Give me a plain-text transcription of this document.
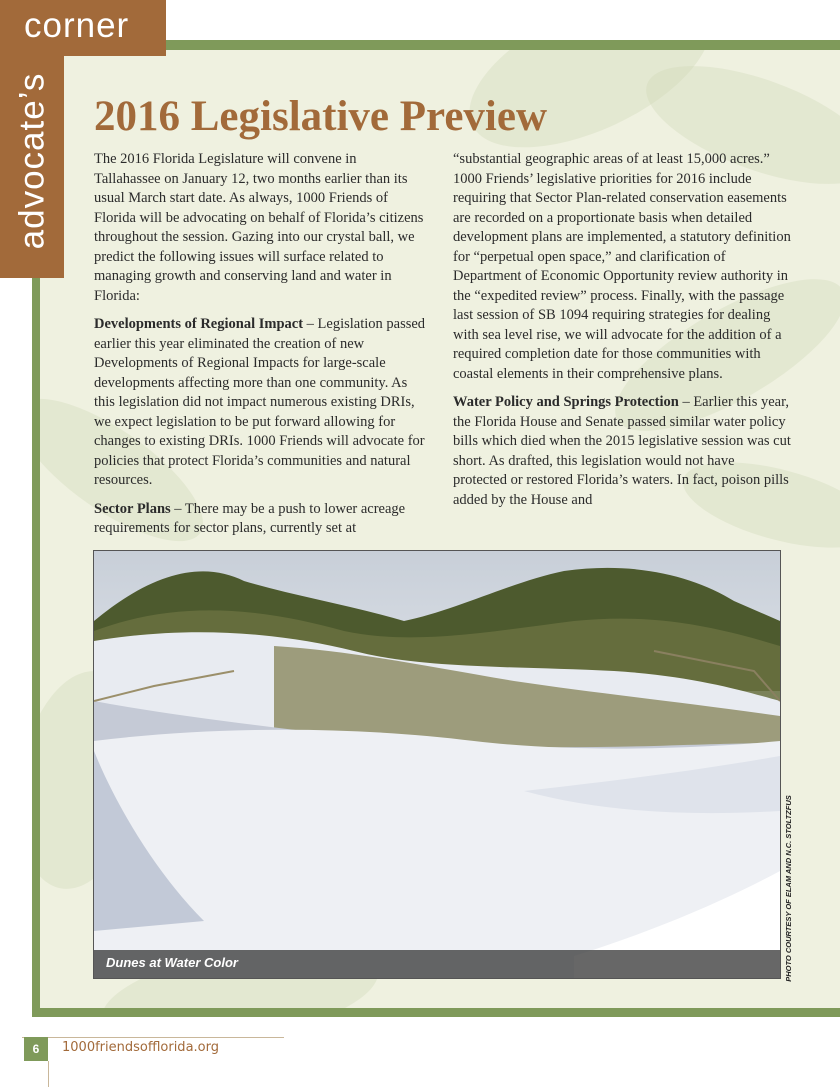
corner
advocate’s 2016 Legislative Preview

The 2016 Florida Legislature will convene in Tallahassee on January 12, two months earlier than its usual March start date. As always, 1000 Friends of Florida will be advocating on behalf of Florida’s citizens throughout the session. Gazing into our crystal ball, we predict the following issues will surface related to managing growth and conserving land and water in Florida:

Developments of Regional Impact – Legislation passed earlier this year eliminated the creation of new Developments of Regional Impacts for large-scale developments affecting more than one community. As this legislation did not impact numerous existing DRIs, we expect legislation to be put forward allowing for changes to existing DRIs. 1000 Friends will advocate for policies that protect Florida’s communities and natural resources.

Sector Plans – There may be a push to lower acreage requirements for sector plans, currently set at

“substantial geographic areas of at least 15,000 acres.” 1000 Friends’ legislative priorities for 2016 include requiring that Sector Plan-related conservation easements are recorded on a proportionate basis when detailed development plans are implemented, a statutory definition for “perpetual open space,” and clarification of Department of Economic Opportunity review authority in the “expedited review” process. Finally, with the passage last session of SB 1094 requiring strategies for dealing with sea level rise, we will advocate for the addition of a required completion date for those communities with coastal elements in their comprehensive plans.

Water Policy and Springs Protection – Earlier this year, the Florida House and Senate passed similar water policy bills which died when the 2015 legislative session was cut short. As drafted, this legislation would not have protected or restored Florida’s waters. In fact, poison pills added by the House and

Dunes at Water Color	PHOTO COURTESY OF ELAM AND N.C. STOLTZFUS
6	1000friendsofflorida.org
